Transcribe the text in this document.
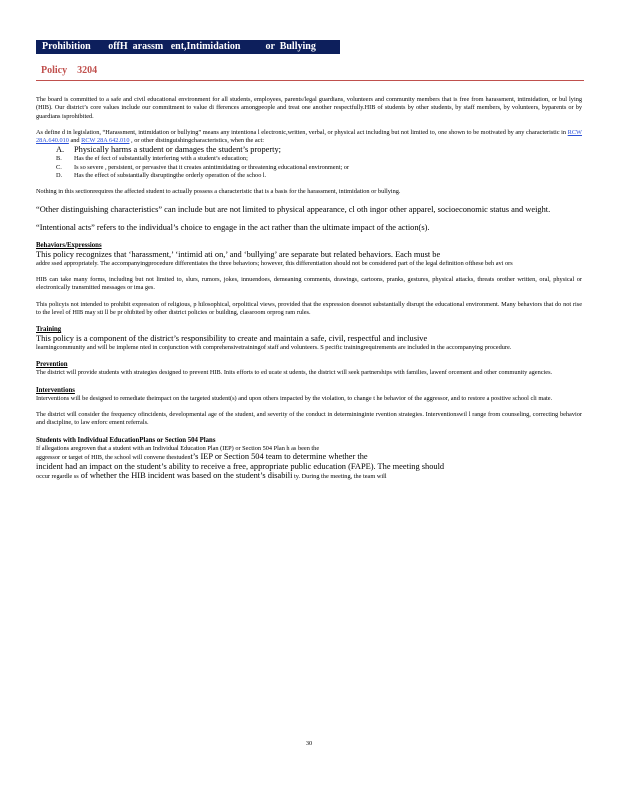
Prohibition       offH  arassm   ent,Intimidation          or  Bullying
Policy    3204

The board is committed to a safe and civil educational environment for all students, employees, parents/legal guardians, volunteers and community members that is free from harassment, intimidation, or bul lying (HIB). Our district’s core values include our commitment to value di fferences amongpeople and treat one another respectfully.HIB of students by other students, by staff members, by volunteers, byparents or by guardians isprohibited.

As define d in legislation, “Harassment, intimidation or bullying” means any intentiona l electronic,written, verbal, or physical act including but not limited to, one shown to be motivated by any characteristic in RCW 28A.640.010 and RCW 28A 642.010 , or other distinguishingcharacteristics, when the act:

A.	Physically harms a student or damages the student’s property;
B.	Has the ef fect of substantially interfering with a student’s education;
C.	Is so severe , persistent, or pervasive that it creates anintimidating or threatening educational environment; or
D.	Has the effect of substantially disruptingthe orderly operation of the schoo l.

Nothing in this sectionrequires the affected student to actually possess a characteristic that is a basis for the harassment, intimidation or bullying.

“Other distinguishing characteristics” can include but are not limited to physical appearance, cl oth ingor other apparel, socioeconomic status and weight.

“Intentional acts” refers to the individual’s choice to engage in the act rather than the ultimate impact of the action(s).

Behaviors/Expressions

This policy recognizes that ‘harassment,’ ‘intimid ati on,’ and ‘bullying’ are separate but related behaviors. Each must be

addre ssed appropriately. The accompanyingprocedure differentiates the three behaviors; however, this differentiation should not be considered part of the legal definition ofthese beh avi ors

HIB can take many forms, including but not limited to, slurs, rumors, jokes, innuendoes, demeaning comments, drawings, cartoons, pranks, gestures, physical attacks, threats orother written, oral, physical or electronically transmitted messages or ima ges.

This policyis not intended to prohibit expression of religious, p hilosophical, orpolitical views, provided that the expression doesnot substantially disrupt the educational environment. Many behaviors that do not rise to the level of HIB may sti ll be pr ohibited by other district policies or building, classroom orprog ram rules.

Training

This policy is a component of the district’s responsibility to create and maintain a safe, civil, respectful and inclusive

learningcommunity and will be impleme nted in conjunction with comprehensivetrainingof staff and volunteers. S pecific trainingrequirements are included in the accompanying procedure.

Prevention

The district will provide students with strategies designed to prevent HIB. Inits efforts to ed ucate st udents, the district will seek partnerships with families, lawenf orcement and other community agencies.

Interventions

Interventions will be designed to remediate theimpact on the targeted student(s) and upon others impacted by the violation, to change t he behavior of the aggressor, and to restore a positive school cli mate.

The district will consider the frequency ofincidents, developmental age of the student, and severity of the conduct in determininginte rvention strategies. Interventionswil l range from counseling, correcting behavior and discipline, to law enforc ement referrals.

Students with Individual EducationPlans or Section 504 Plans

If allegations aregroven that a student with an Individual Education Plan (IEP) or Section 504 Plan h as been the

aggressor or target of HIB, the school will convene thestudent’s IEP or Section 504 team to determine whether the

incident had an impact on the student’s ability to receive a free, appropriate public education (FAPE). The meeting should

occur regardle ss of whether the HIB incident was based on the student’s disabili ty. During the meeting, the team will

30
